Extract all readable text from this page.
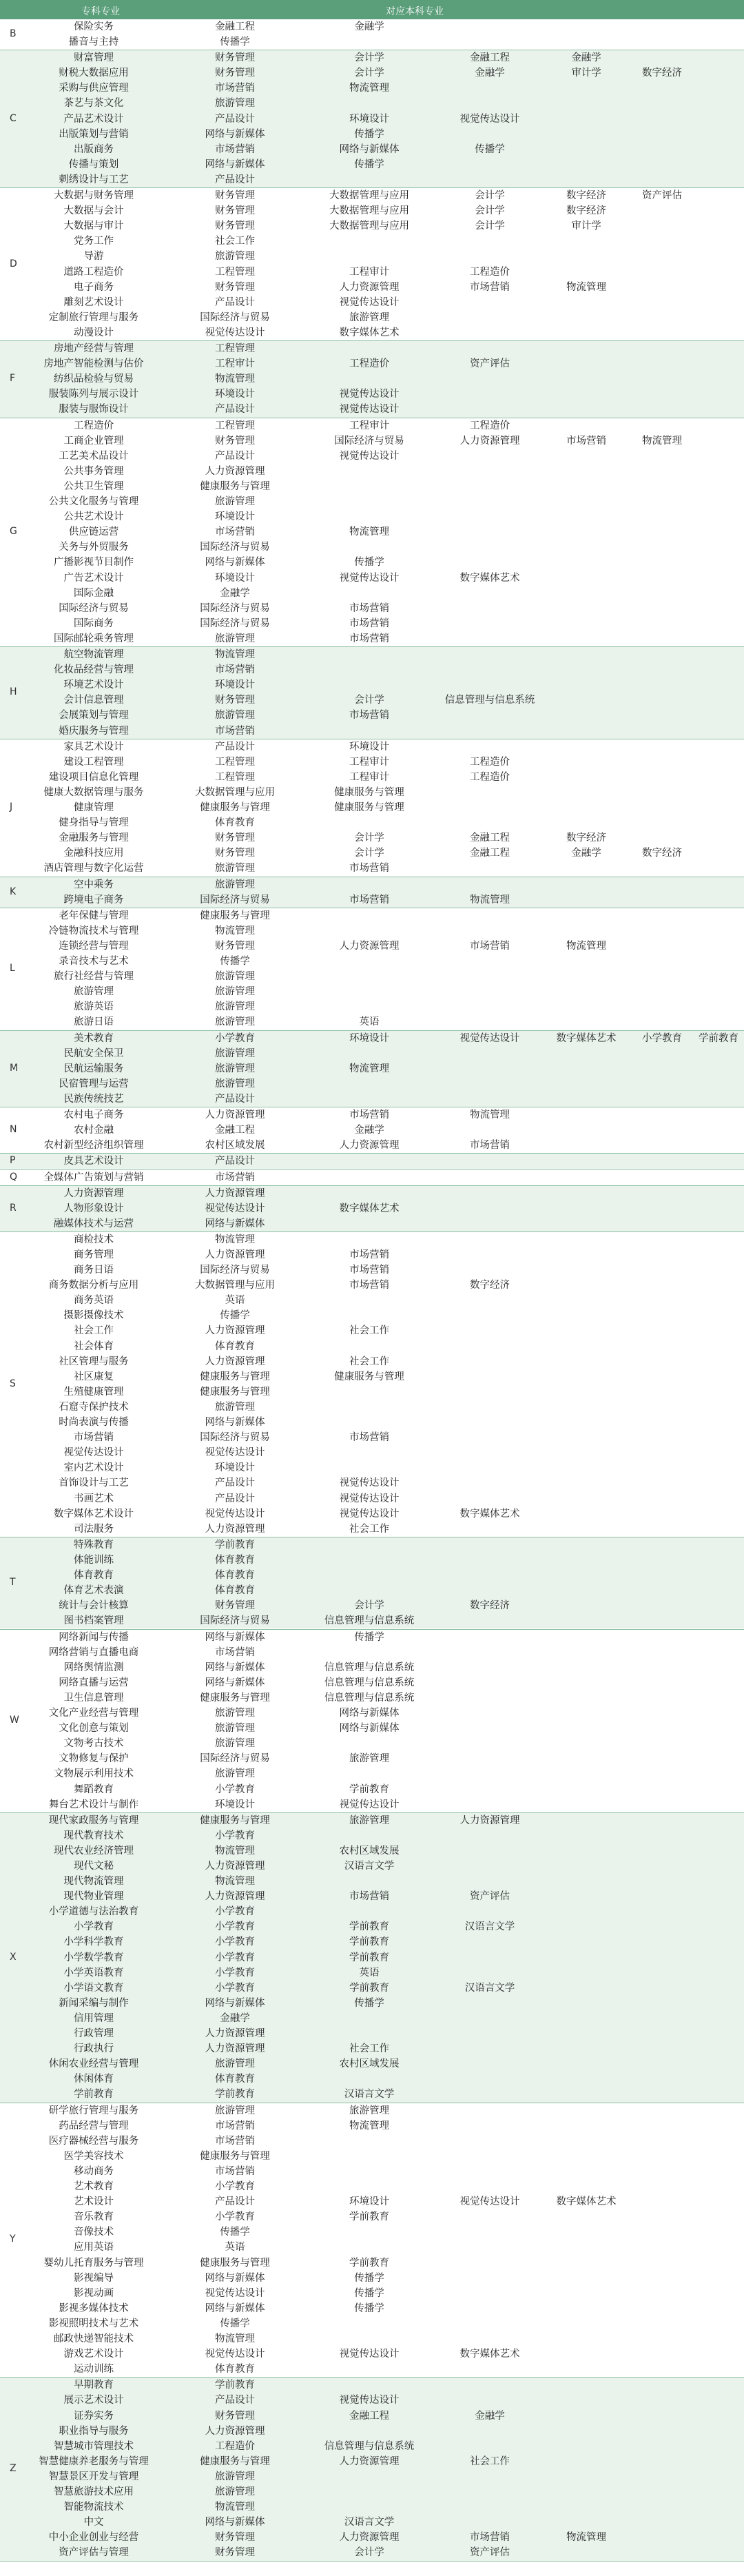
专科专业	对应本科专业
B
保险实务	金融工程	金融学
播音与主持	传播学
C
财富管理	财务管理	会计学	金融工程	金融学
财税大数据应用	财务管理	会计学	金融学	审计学	数字经济
采购与供应管理	市场营销	物流管理
茶艺与茶文化	旅游管理
产品艺术设计	产品设计	环境设计	视觉传达设计
出版策划与营销	网络与新媒体	传播学
出版商务	市场营销	网络与新媒体	传播学
传播与策划	网络与新媒体	传播学
刺绣设计与工艺	产品设计
D
大数据与财务管理	财务管理	大数据管理与应用	会计学	数字经济	资产评估
大数据与会计	财务管理	大数据管理与应用	会计学	数字经济
大数据与审计	财务管理	大数据管理与应用	会计学	审计学
党务工作	社会工作
导游	旅游管理
道路工程造价	工程管理	工程审计	工程造价
电子商务	财务管理	人力资源管理	市场营销	物流管理
雕刻艺术设计	产品设计	视觉传达设计
定制旅行管理与服务	国际经济与贸易	旅游管理
动漫设计	视觉传达设计	数字媒体艺术
F
房地产经营与管理	工程管理
房地产智能检测与估价	工程审计	工程造价	资产评估
纺织品检验与贸易	物流管理
服装陈列与展示设计	环境设计	视觉传达设计
服装与服饰设计	产品设计	视觉传达设计
G
工程造价	工程管理	工程审计	工程造价
工商企业管理	财务管理	国际经济与贸易	人力资源管理	市场营销	物流管理
工艺美术品设计	产品设计	视觉传达设计
公共事务管理	人力资源管理
公共卫生管理	健康服务与管理
公共文化服务与管理	旅游管理
公共艺术设计	环境设计
供应链运营	市场营销	物流管理
关务与外贸服务	国际经济与贸易
广播影视节目制作	网络与新媒体	传播学
广告艺术设计	环境设计	视觉传达设计	数字媒体艺术
国际金融	金融学
国际经济与贸易	国际经济与贸易	市场营销
国际商务	国际经济与贸易	市场营销
国际邮轮乘务管理	旅游管理	市场营销
H
航空物流管理	物流管理
化妆品经营与管理	市场营销
环境艺术设计	环境设计
会计信息管理	财务管理	会计学	信息管理与信息系统
会展策划与管理	旅游管理	市场营销
婚庆服务与管理	市场营销
J
家具艺术设计	产品设计	环境设计
建设工程管理	工程管理	工程审计	工程造价
建设项目信息化管理	工程管理	工程审计	工程造价
健康大数据管理与服务	大数据管理与应用	健康服务与管理
健康管理	健康服务与管理	健康服务与管理
健身指导与管理	体育教育
金融服务与管理	财务管理	会计学	金融工程	数字经济
金融科技应用	财务管理	会计学	金融工程	金融学	数字经济
酒店管理与数字化运营	旅游管理	市场营销
K
空中乘务	旅游管理
跨境电子商务	国际经济与贸易	市场营销	物流管理
L
老年保健与管理	健康服务与管理
冷链物流技术与管理	物流管理
连锁经营与管理	财务管理	人力资源管理	市场营销	物流管理
录音技术与艺术	传播学
旅行社经营与管理	旅游管理
旅游管理	旅游管理
旅游英语	旅游管理
旅游日语	旅游管理	英语
M
美术教育	小学教育	环境设计	视觉传达设计	数字媒体艺术	小学教育	学前教育
民航安全保卫	旅游管理
民航运输服务	旅游管理	物流管理
民宿管理与运营	旅游管理
民族传统技艺	产品设计
N
农村电子商务	人力资源管理	市场营销	物流管理
农村金融	金融工程	金融学
农村新型经济组织管理	农村区域发展	人力资源管理	市场营销
P	皮具艺术设计	产品设计
Q	全媒体广告策划与营销	市场营销
R
人力资源管理	人力资源管理
人物形象设计	视觉传达设计	数字媒体艺术
融媒体技术与运营	网络与新媒体
S
商检技术	物流管理
商务管理	人力资源管理	市场营销
商务日语	国际经济与贸易	市场营销
商务数据分析与应用	大数据管理与应用	市场营销	数字经济
商务英语	英语
摄影摄像技术	传播学
社会工作	人力资源管理	社会工作
社会体育	体育教育
社区管理与服务	人力资源管理	社会工作
社区康复	健康服务与管理	健康服务与管理
生殖健康管理	健康服务与管理
石窟寺保护技术	旅游管理
时尚表演与传播	网络与新媒体
市场营销	国际经济与贸易	市场营销
视觉传达设计	视觉传达设计
室内艺术设计	环境设计
首饰设计与工艺	产品设计	视觉传达设计
书画艺术	产品设计	视觉传达设计
数字媒体艺术设计	视觉传达设计	视觉传达设计	数字媒体艺术
司法服务	人力资源管理	社会工作
T
特殊教育	学前教育
体能训练	体育教育
体育教育	体育教育
体育艺术表演	体育教育
统计与会计核算	财务管理	会计学	数字经济
图书档案管理	国际经济与贸易	信息管理与信息系统
W
网络新闻与传播	网络与新媒体	传播学
网络营销与直播电商	市场营销
网络舆情监测	网络与新媒体	信息管理与信息系统
网络直播与运营	网络与新媒体	信息管理与信息系统
卫生信息管理	健康服务与管理	信息管理与信息系统
文化产业经营与管理	旅游管理	网络与新媒体
文化创意与策划	旅游管理	网络与新媒体
文物考古技术	旅游管理
文物修复与保护	国际经济与贸易	旅游管理
文物展示利用技术	旅游管理
舞蹈教育	小学教育	学前教育
舞台艺术设计与制作	环境设计	视觉传达设计
X
现代家政服务与管理	健康服务与管理	旅游管理	人力资源管理
现代教育技术	小学教育
现代农业经济管理	物流管理	农村区域发展
现代文秘	人力资源管理	汉语言文学
现代物流管理	物流管理
现代物业管理	人力资源管理	市场营销	资产评估
小学道德与法治教育	小学教育
小学教育	小学教育	学前教育	汉语言文学
小学科学教育	小学教育	学前教育
小学数学教育	小学教育	学前教育
小学英语教育	小学教育	英语
小学语文教育	小学教育	学前教育	汉语言文学
新闻采编与制作	网络与新媒体	传播学
信用管理	金融学
行政管理	人力资源管理
行政执行	人力资源管理	社会工作
休闲农业经营与管理	旅游管理	农村区域发展
休闲体育	体育教育
学前教育	学前教育	汉语言文学
Y
研学旅行管理与服务	旅游管理	旅游管理
药品经营与管理	市场营销	物流管理
医疗器械经营与服务	市场营销
医学美容技术	健康服务与管理
移动商务	市场营销
艺术教育	小学教育
艺术设计	产品设计	环境设计	视觉传达设计	数字媒体艺术
音乐教育	小学教育	学前教育
音像技术	传播学
应用英语	英语
婴幼儿托育服务与管理	健康服务与管理	学前教育
影视编导	网络与新媒体	传播学
影视动画	视觉传达设计	传播学
影视多媒体技术	网络与新媒体	传播学
影视照明技术与艺术	传播学
邮政快递智能技术	物流管理
游戏艺术设计	视觉传达设计	视觉传达设计	数字媒体艺术
运动训练	体育教育
Z
早期教育	学前教育
展示艺术设计	产品设计	视觉传达设计
证券实务	财务管理	金融工程	金融学
职业指导与服务	人力资源管理
智慧城市管理技术	工程造价	信息管理与信息系统
智慧健康养老服务与管理	健康服务与管理	人力资源管理	社会工作
智慧景区开发与管理	旅游管理
智慧旅游技术应用	旅游管理
智能物流技术	物流管理
中文	网络与新媒体	汉语言文学
中小企业创业与经营	财务管理	人力资源管理	市场营销	物流管理
资产评估与管理	财务管理	会计学	资产评估
